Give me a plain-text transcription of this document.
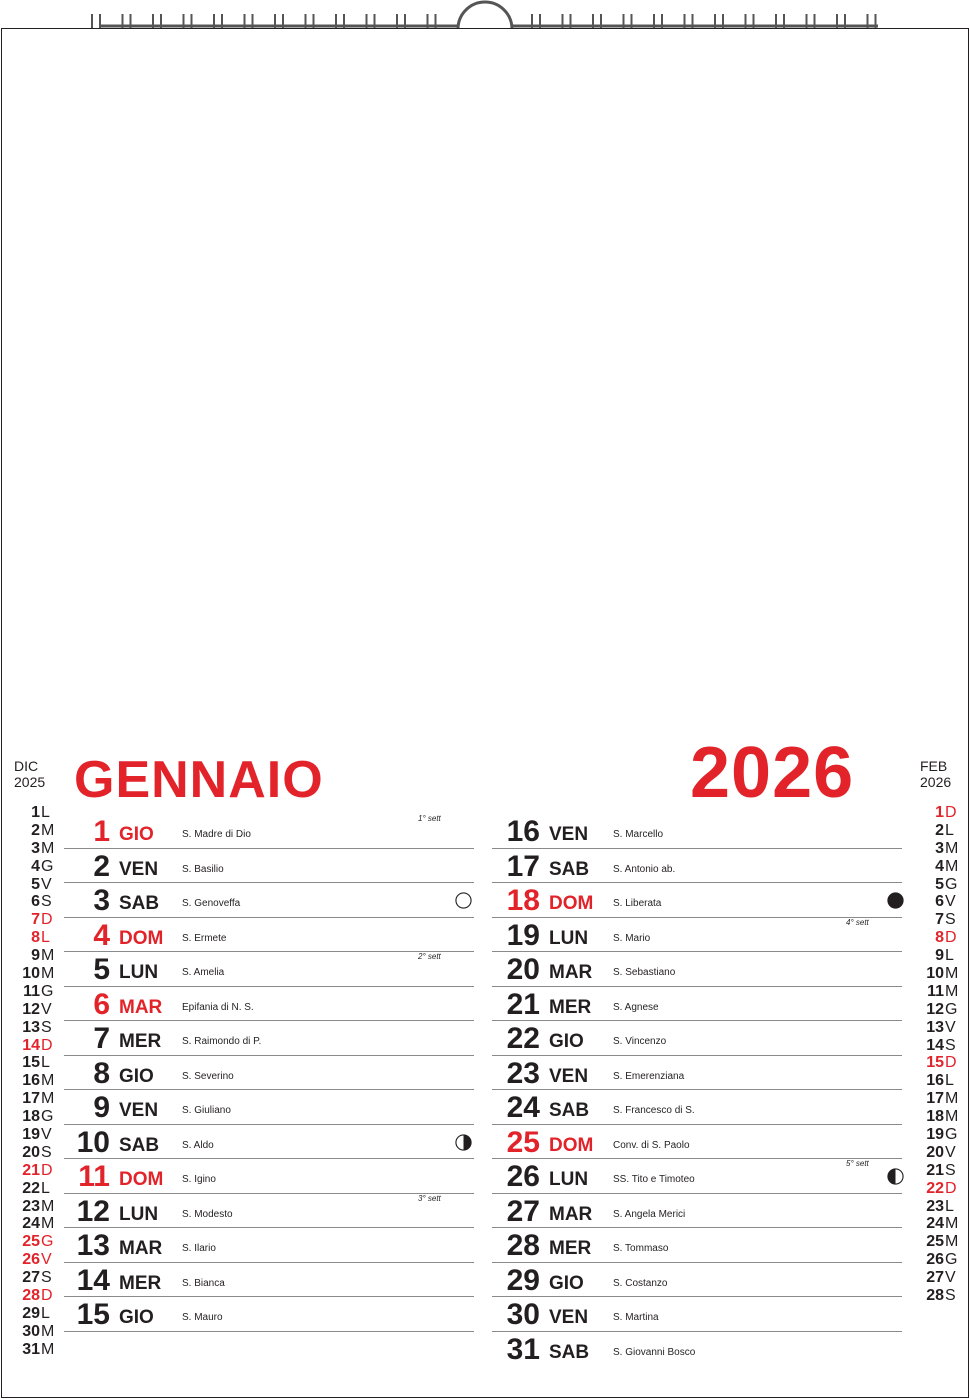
DIC
2025
1L
2M
3M
4G
5V
6S
7D
8L
9M
10M
11G
12V
13S
14D
15L
16M
17M
18G
19V
20S
21D
22L
23M
24M
25G
26V
27S
28D
29L
30M
31M
FEB
2026
1D
2L
3M
4M
5G
6V
7S
8D
9L
10M
11M
12G
13V
14S
15D
16L
17M
18M
19G
20V
21S
22D
23L
24M
25M
26G
27V
28S
GENNAIO	2026
1 GIO	S. Madre di Dio
1° sett
2 VEN S. Basilio
3 SAB S. Genoveffa
4 DOM S. Ermete
5 LUN S. Amelia
2° sett
6 MAR Epifania di N. S.
7 MER S. Raimondo di P.
8 GIO	S. Severino
9 VEN S. Giuliano
10 SAB S. Aldo
11 DOM S. Igino
12 LUN S. Modesto
3° sett
13 MAR S. Ilario
14 MER S. Bianca
15 GIO	S. Mauro
16 VEN S. Marcello
17 SAB S. Antonio ab.
18 DOM S. Liberata
19 LUN S. Mario
4° sett
20 MAR S. Sebastiano
21 MER S. Agnese
22 GIO	S. Vincenzo
23 VEN S. Emerenziana
24 SAB S. Francesco di S.
25 DOM Conv. di S. Paolo
26 LUN SS. Tito e Timoteo
5° sett
27 MAR S. Angela Merici
28 MER S. Tommaso
29 GIO	S. Costanzo
30 VEN S. Martina
31 SAB S. Giovanni Bosco
